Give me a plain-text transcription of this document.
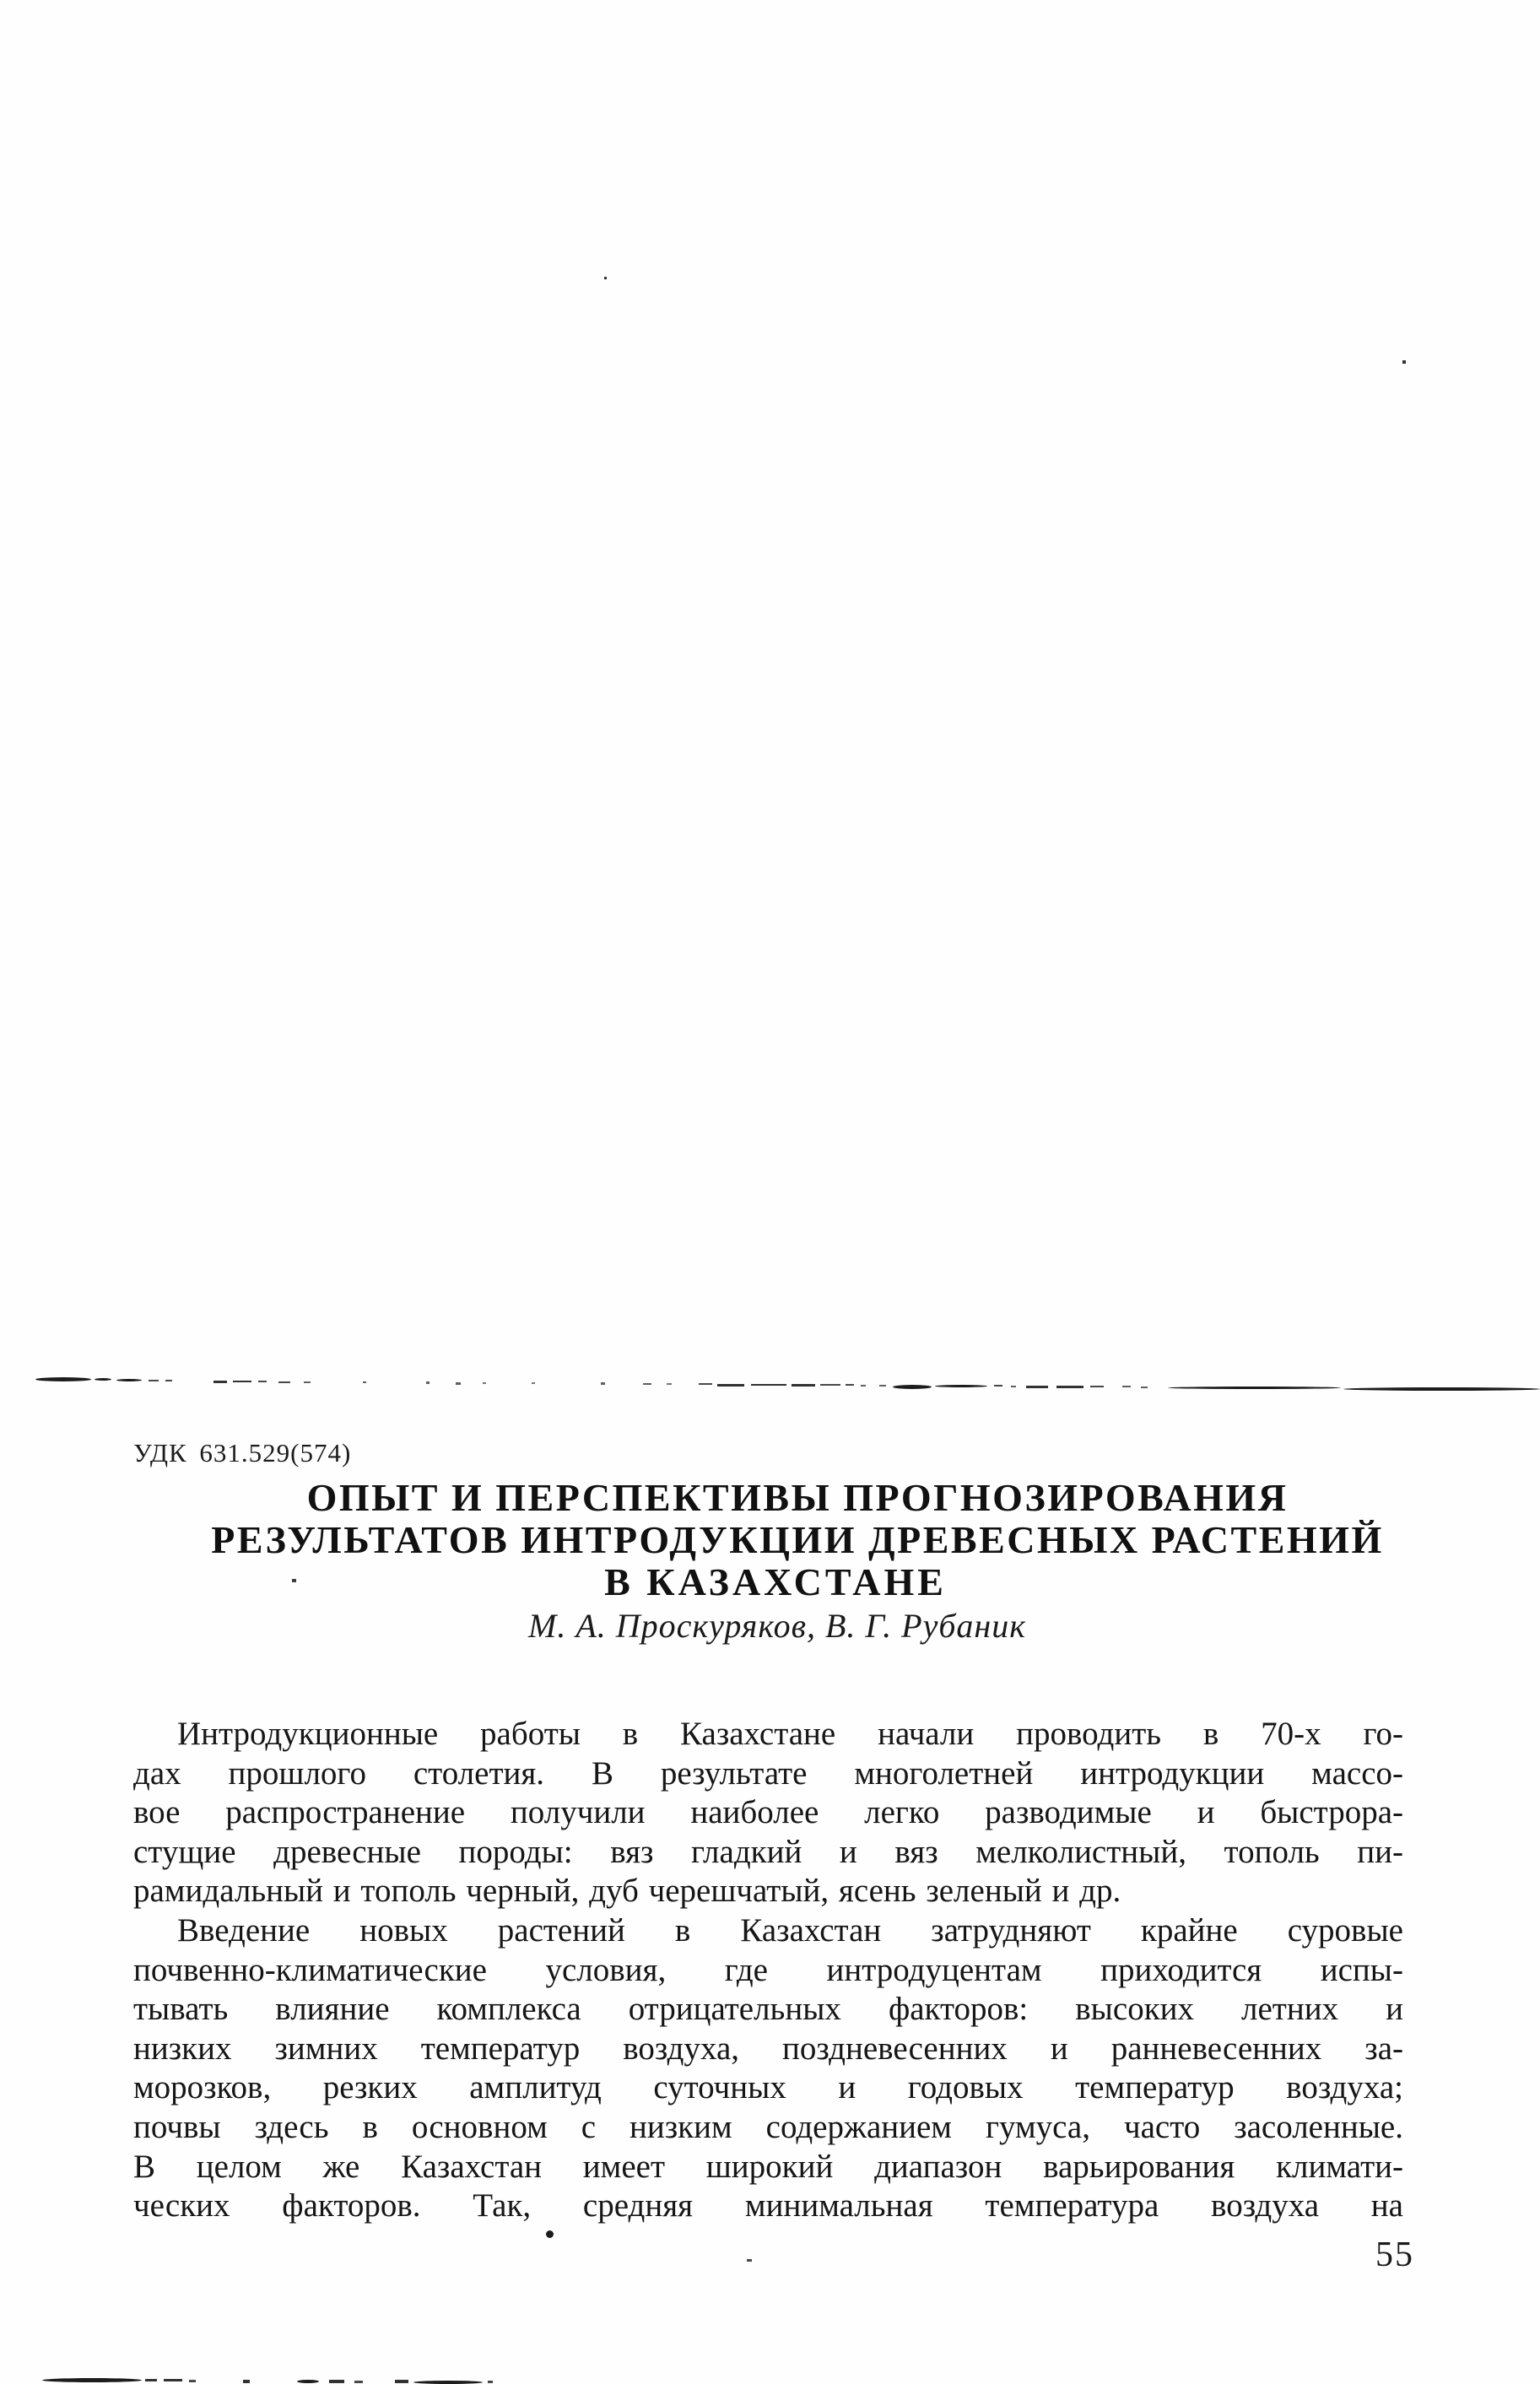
УДК 631.529(574)
ОПЫТ И ПЕРСПЕКТИВЫ ПРОГНОЗИРОВАНИЯ
РЕЗУЛЬТАТОВ ИНТРОДУКЦИИ ДРЕВЕСНЫХ РАСТЕНИЙ
В КАЗАХСТАНЕ
М. А. Проскуряков, В. Г. Рубаник
Интродукционные работы в Казахстане начали проводить в 70-х го-
дах прошлого столетия. В результате многолетней интродукции массо-
вое распространение получили наиболее легко разводимые и быстрора-
стущие древесные породы: вяз гладкий и вяз мелколистный, тополь пи-
рамидальный и тополь черный, дуб черешчатый, ясень зеленый и др.
Введение новых растений в Казахстан затрудняют крайне суровые
почвенно-климатические условия, где интродуцентам приходится испы-
тывать влияние комплекса отрицательных факторов: высоких летних и
низких зимних температур воздуха, поздневесенних и ранневесенних за-
морозков, резких амплитуд суточных и годовых температур воздуха;
почвы здесь в основном с низким содержанием гумуса, часто засоленные.
В целом же Казахстан имеет широкий диапазон варьирования климати-
ческих факторов. Так, средняя минимальная температура воздуха на
55
